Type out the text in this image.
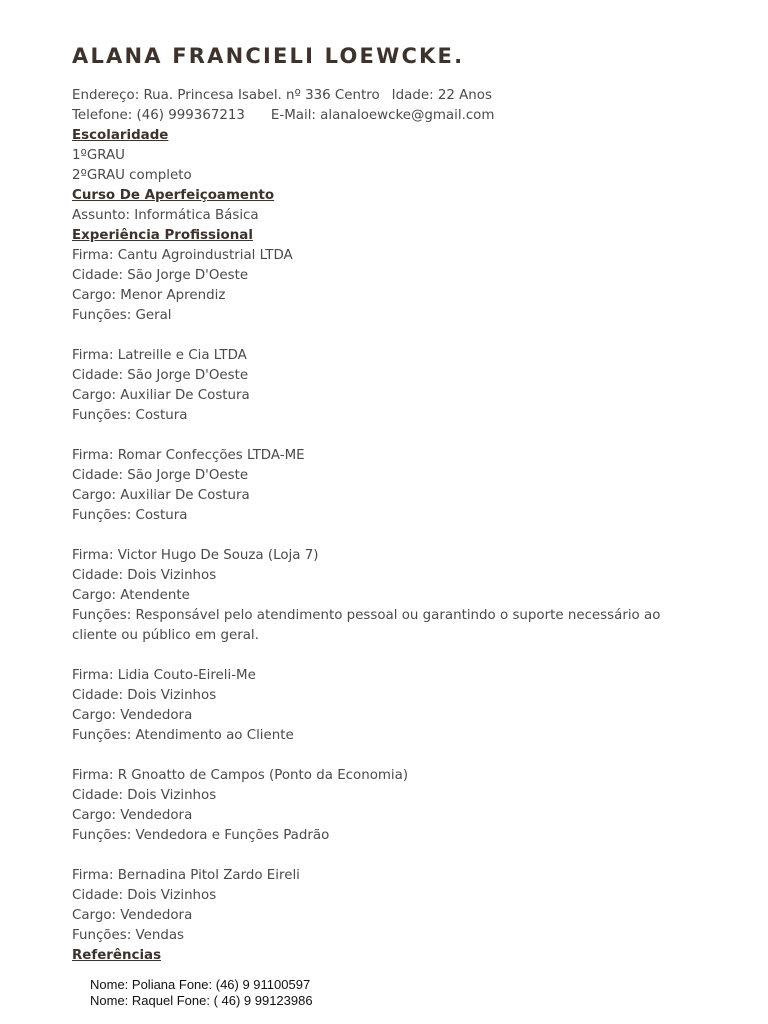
ALANA FRANCIELI LOEWCKE.
Endereço: Rua. Princesa Isabel. nº 336 Centro Idade: 22 Anos
Telefone: (46) 999367213 E-Mail: alanaloewcke@gmail.com
Escolaridade
1ºGRAU
2ºGRAU completo
Curso De Aperfeiçoamento
Assunto: Informática Básica
Experiência Profissional
Firma: Cantu Agroindustrial LTDA
Cidade: São Jorge D'Oeste
Cargo: Menor Aprendiz
Funções: Geral
Firma: Latreille e Cia LTDA
Cidade: São Jorge D'Oeste
Cargo: Auxiliar De Costura
Funções: Costura
Firma: Romar Confecções LTDA-ME
Cidade: São Jorge D'Oeste
Cargo: Auxiliar De Costura
Funções: Costura
Firma: Victor Hugo De Souza (Loja 7)
Cidade: Dois Vizinhos
Cargo: Atendente
Funções: Responsável pelo atendimento pessoal ou garantindo o suporte necessário ao cliente ou público em geral.
Firma: Lidia Couto-Eireli-Me
Cidade: Dois Vizinhos
Cargo: Vendedora
Funções: Atendimento ao Cliente
Firma: R Gnoatto de Campos (Ponto da Economia)
Cidade: Dois Vizinhos
Cargo: Vendedora
Funções: Vendedora e Funções Padrão
Firma: Bernadina Pitol Zardo Eireli
Cidade: Dois Vizinhos
Cargo: Vendedora
Funções: Vendas
Referências
Nome: Poliana Fone: (46) 9 91100597
Nome: Raquel Fone: ( 46) 9 99123986
